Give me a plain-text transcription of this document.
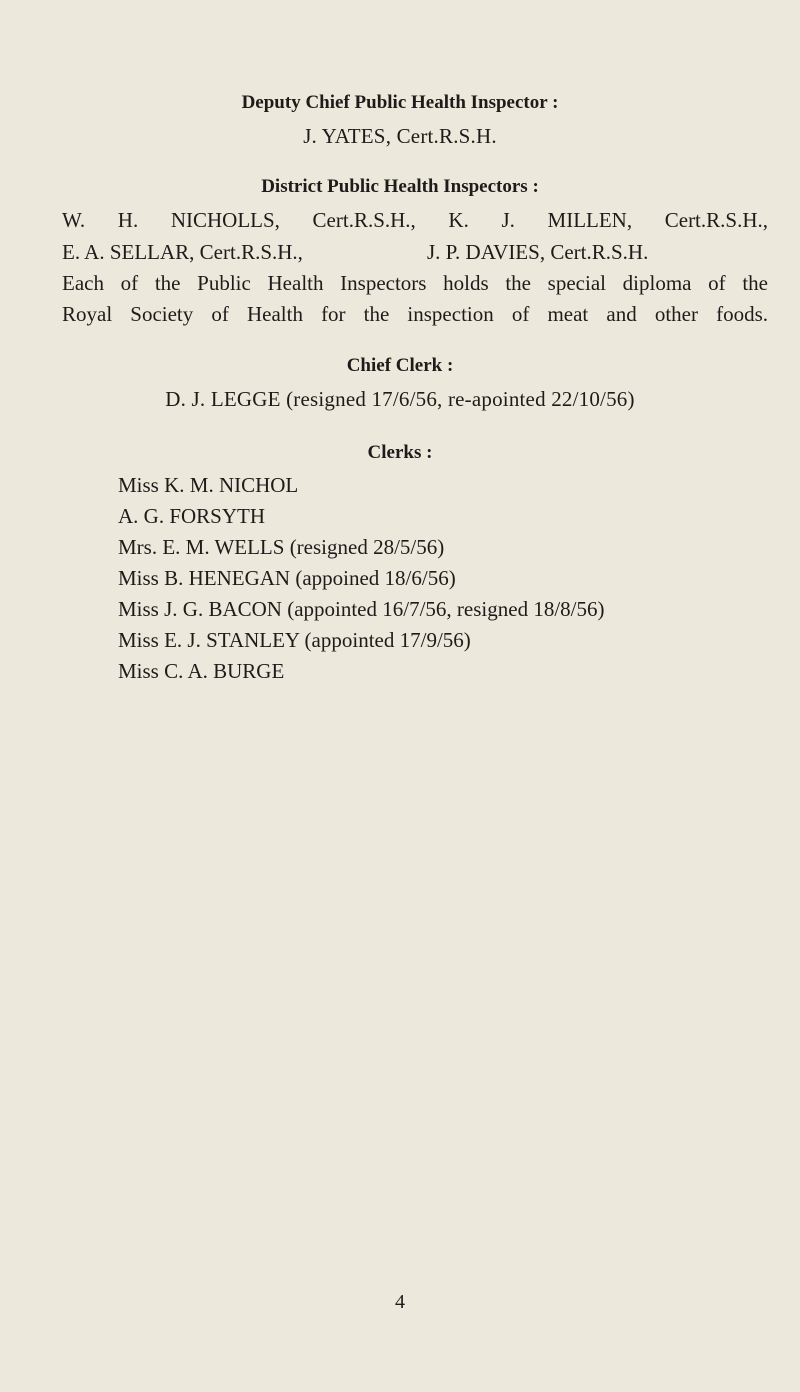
Deputy Chief Public Health Inspector :
J. YATES, Cert.R.S.H.
District Public Health Inspectors :
W. H. NICHOLLS, Cert.R.S.H., K. J. MILLEN, Cert.R.S.H.,
E. A. SELLAR, Cert.R.S.H.,	J. P. DAVIES, Cert.R.S.H.
Each of the Public Health Inspectors holds the special diploma of the
Royal Society of Health for the inspection of meat and other foods.
Chief Clerk :
D. J. LEGGE (resigned 17/6/56, re-apointed 22/10/56)
Clerks :
Miss K. M. NICHOL
A. G. FORSYTH
Mrs. E. M. WELLS (resigned 28/5/56)
Miss B. HENEGAN (appoined 18/6/56)
Miss J. G. BACON (appointed 16/7/56, resigned 18/8/56)
Miss E. J. STANLEY (appointed 17/9/56)
Miss C. A. BURGE
4
